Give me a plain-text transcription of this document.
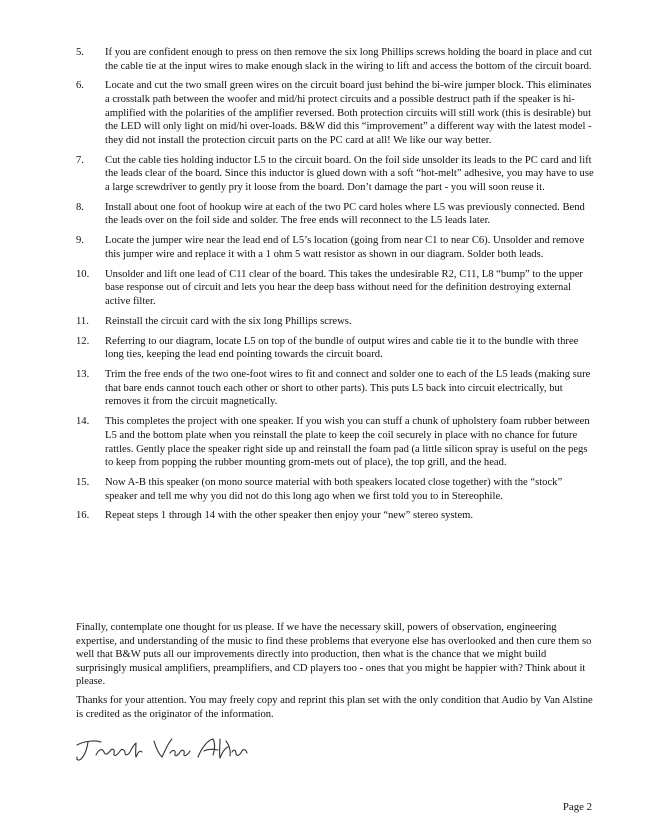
5.	If you are confident enough to press on then remove the six long Phillips screws holding the board in place and cut the cable tie at the input wires to make enough slack in the wiring to lift and access the bottom of the circuit board.
6.	Locate and cut the two small green wires on the circuit board just behind the bi-wire jumper block. This eliminates a crosstalk path between the woofer and mid/hi protect circuits and a possible destruct path if the speaker is hi-amplified with the polarities of the amplifier reversed. Both protection circuits will still work (this is desirable) but the LED will only light on mid/hi over-loads. B&W did this “improvement” a different way with the latest model - they did not install the protection circuit parts on the PC card at all! We like our way better.
7.	Cut the cable ties holding inductor L5 to the circuit board. On the foil side unsolder its leads to the PC card and lift the leads clear of the board. Since this inductor is glued down with a soft “hot-melt” adhesive, you may have to use a large screwdriver to gently pry it loose from the board. Don’t damage the part - you will soon reuse it.
8.	Install about one foot of hookup wire at each of the two PC card holes where L5 was previously connected. Bend the leads over on the foil side and solder. The free ends will reconnect to the L5 leads later.
9.	Locate the jumper wire near the lead end of L5’s location (going from near C1 to near C6). Unsolder and remove this jumper wire and replace it with a 1 ohm 5 watt resistor as shown in our diagram. Solder both leads.
10.	Unsolder and lift one lead of C11 clear of the board. This takes the undesirable R2, C11, L8 “bump” to the upper base response out of circuit and lets you hear the deep bass without need for the definition destroying external active filter.
11.	Reinstall the circuit card with the six long Phillips screws.
12.	Referring to our diagram, locate L5 on top of the bundle of output wires and cable tie it to the bundle with three long ties, keeping the lead end pointing towards the circuit board.
13.	Trim the free ends of the two one-foot wires to fit and connect and solder one to each of the L5 leads (making sure that bare ends cannot touch each other or short to other parts). This puts L5 back into circuit electrically, but removes it from the circuit magnetically.
14.	This completes the project with one speaker. If you wish you can stuff a chunk of upholstery foam rubber between L5 and the bottom plate when you reinstall the plate to keep the coil securely in place with no chance for future rattles. Gently place the speaker right side up and reinstall the foam pad (a little silicon spray is useful on the pegs to keep from popping the rubber mounting grom-mets out of place), the top grill, and the head.
15.	Now A-B this speaker (on mono source material with both speakers located close together) with the “stock” speaker and tell me why you did not do this long ago when we first told you to in Stereophile.
16.	Repeat steps 1 through 14 with the other speaker then enjoy your “new” stereo system.

Finally, contemplate one thought for us please. If we have the necessary skill, powers of observation, engineering expertise, and understanding of the music to find these problems that everyone else has overlooked and then cure them so well that B&W puts all our improvements directly into production, then what is the chance that we might build surprisingly musical amplifiers, preamplifiers, and CD players too - ones that you might be happier with? Think about it please.

Thanks for your attention. You may freely copy and reprint this plan set with the only condition that Audio by Van Alstine is credited as the originator of the information.

Page 2
